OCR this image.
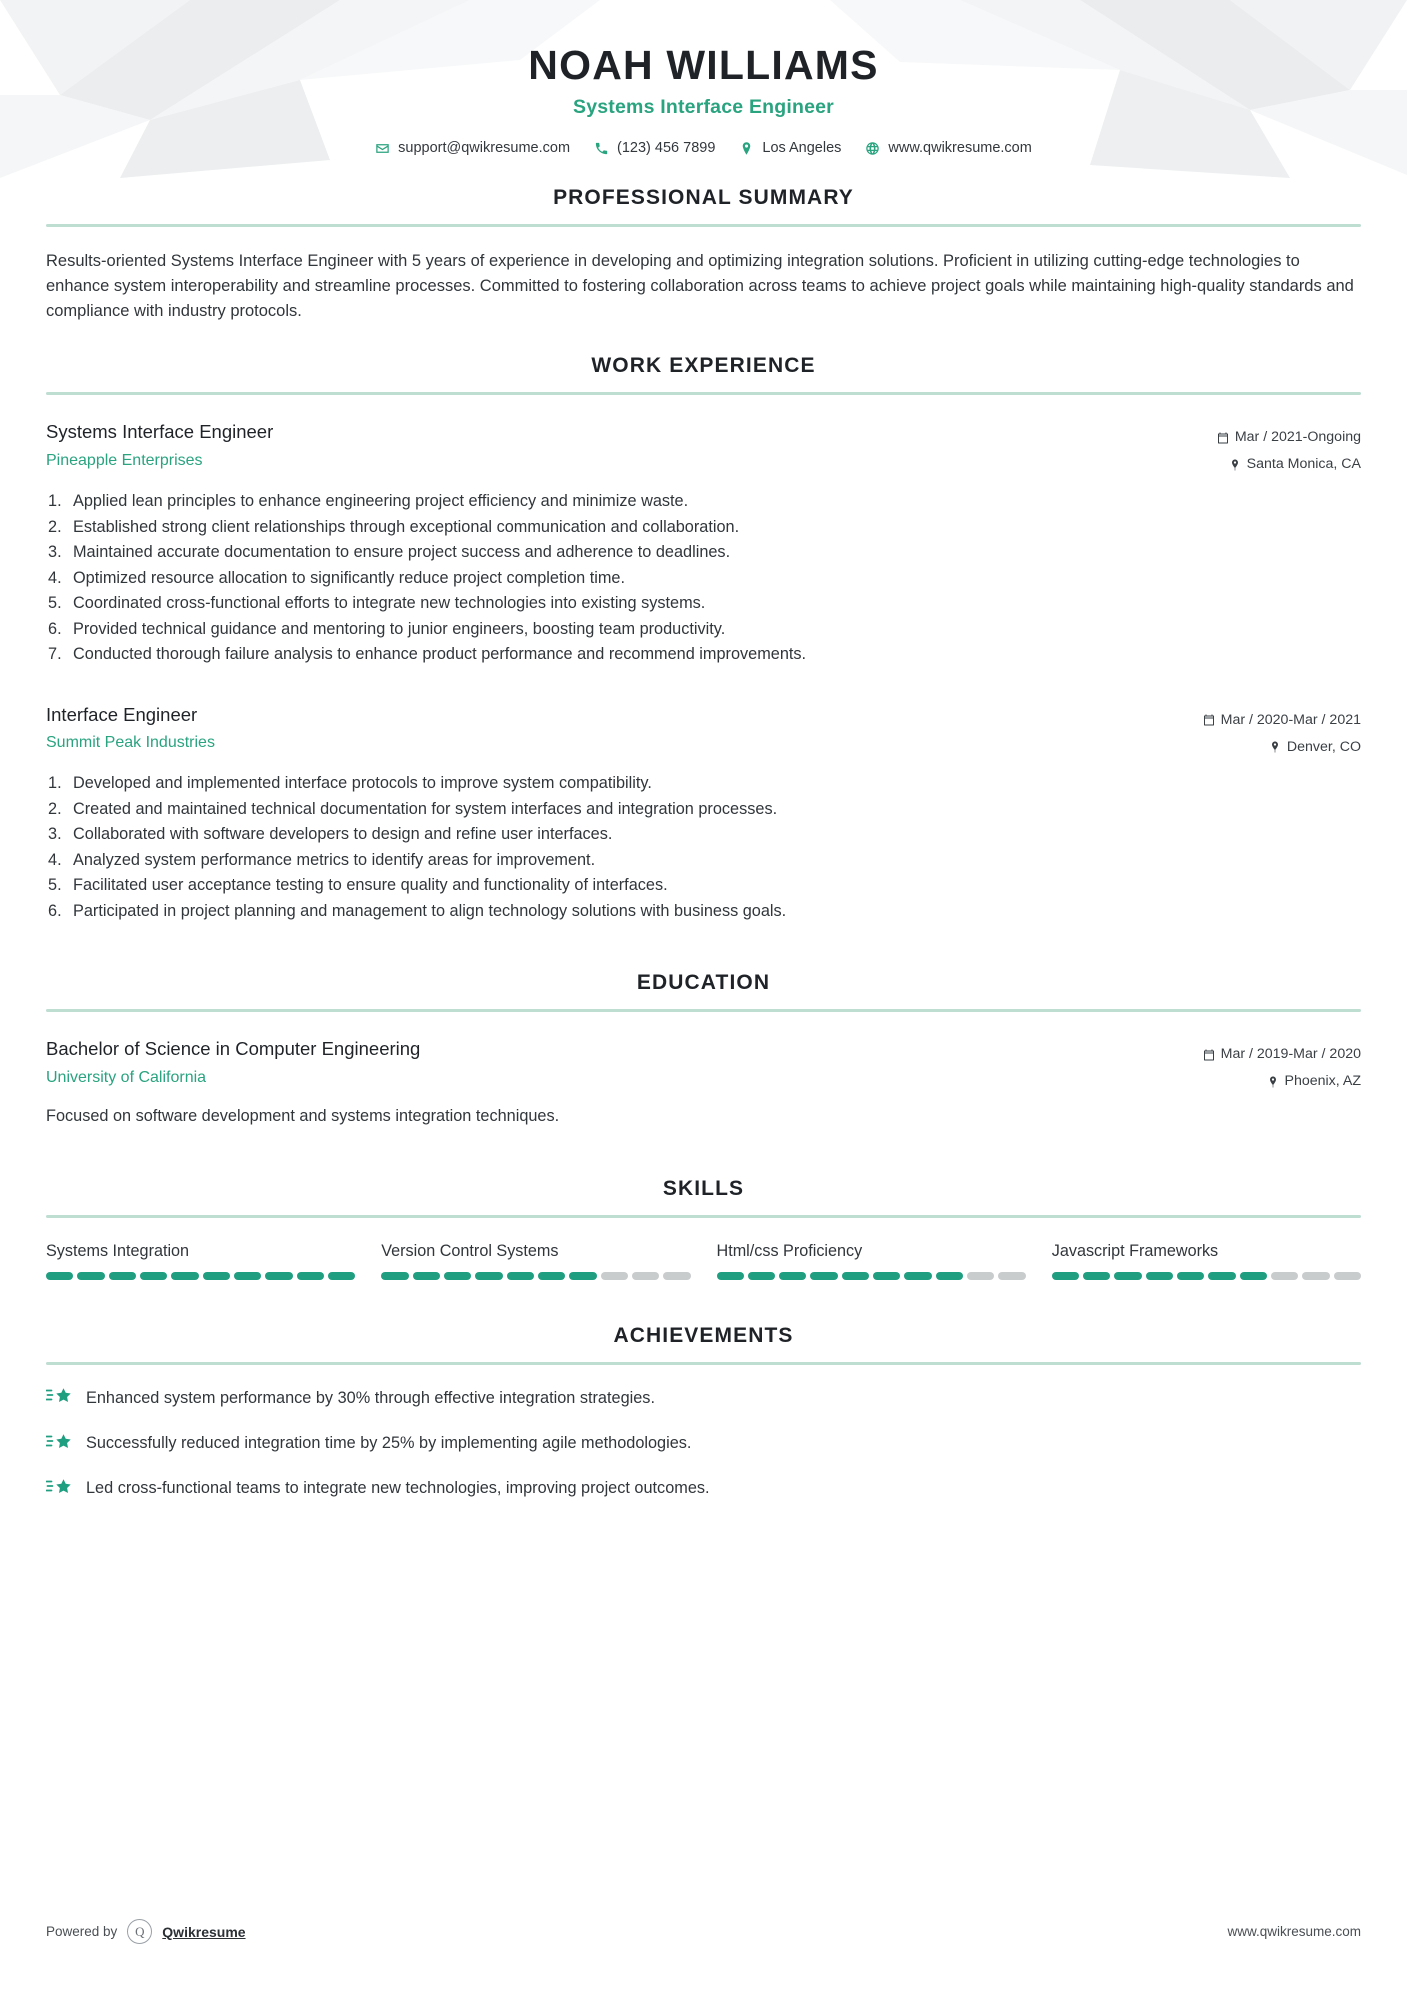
NOAH WILLIAMS
Systems Interface Engineer
support@qwikresume.com	(123) 456 7899	Los Angeles	www.qwikresume.com
PROFESSIONAL SUMMARY
Results-oriented Systems Interface Engineer with 5 years of experience in developing and optimizing integration solutions. Proficient in utilizing cutting-edge technologies to enhance system interoperability and streamline processes. Committed to fostering collaboration across teams to achieve project goals while maintaining high-quality standards and compliance with industry protocols.
WORK EXPERIENCE
Systems Interface Engineer
Pineapple Enterprises
Mar / 2021-Ongoing
Santa Monica, CA
Applied lean principles to enhance engineering project efficiency and minimize waste.
Established strong client relationships through exceptional communication and collaboration.
Maintained accurate documentation to ensure project success and adherence to deadlines.
Optimized resource allocation to significantly reduce project completion time.
Coordinated cross-functional efforts to integrate new technologies into existing systems.
Provided technical guidance and mentoring to junior engineers, boosting team productivity.
Conducted thorough failure analysis to enhance product performance and recommend improvements.
Interface Engineer
Summit Peak Industries
Mar / 2020-Mar / 2021
Denver, CO
Developed and implemented interface protocols to improve system compatibility.
Created and maintained technical documentation for system interfaces and integration processes.
Collaborated with software developers to design and refine user interfaces.
Analyzed system performance metrics to identify areas for improvement.
Facilitated user acceptance testing to ensure quality and functionality of interfaces.
Participated in project planning and management to align technology solutions with business goals.
EDUCATION
Bachelor of Science in Computer Engineering
University of California
Mar / 2019-Mar / 2020
Phoenix, AZ
Focused on software development and systems integration techniques.
SKILLS
Systems Integration	Version Control Systems	Html/css Proficiency	Javascript Frameworks
ACHIEVEMENTS
Enhanced system performance by 30% through effective integration strategies.
Successfully reduced integration time by 25% by implementing agile methodologies.
Led cross-functional teams to integrate new technologies, improving project outcomes.
Powered by Q Qwikresume	www.qwikresume.com
